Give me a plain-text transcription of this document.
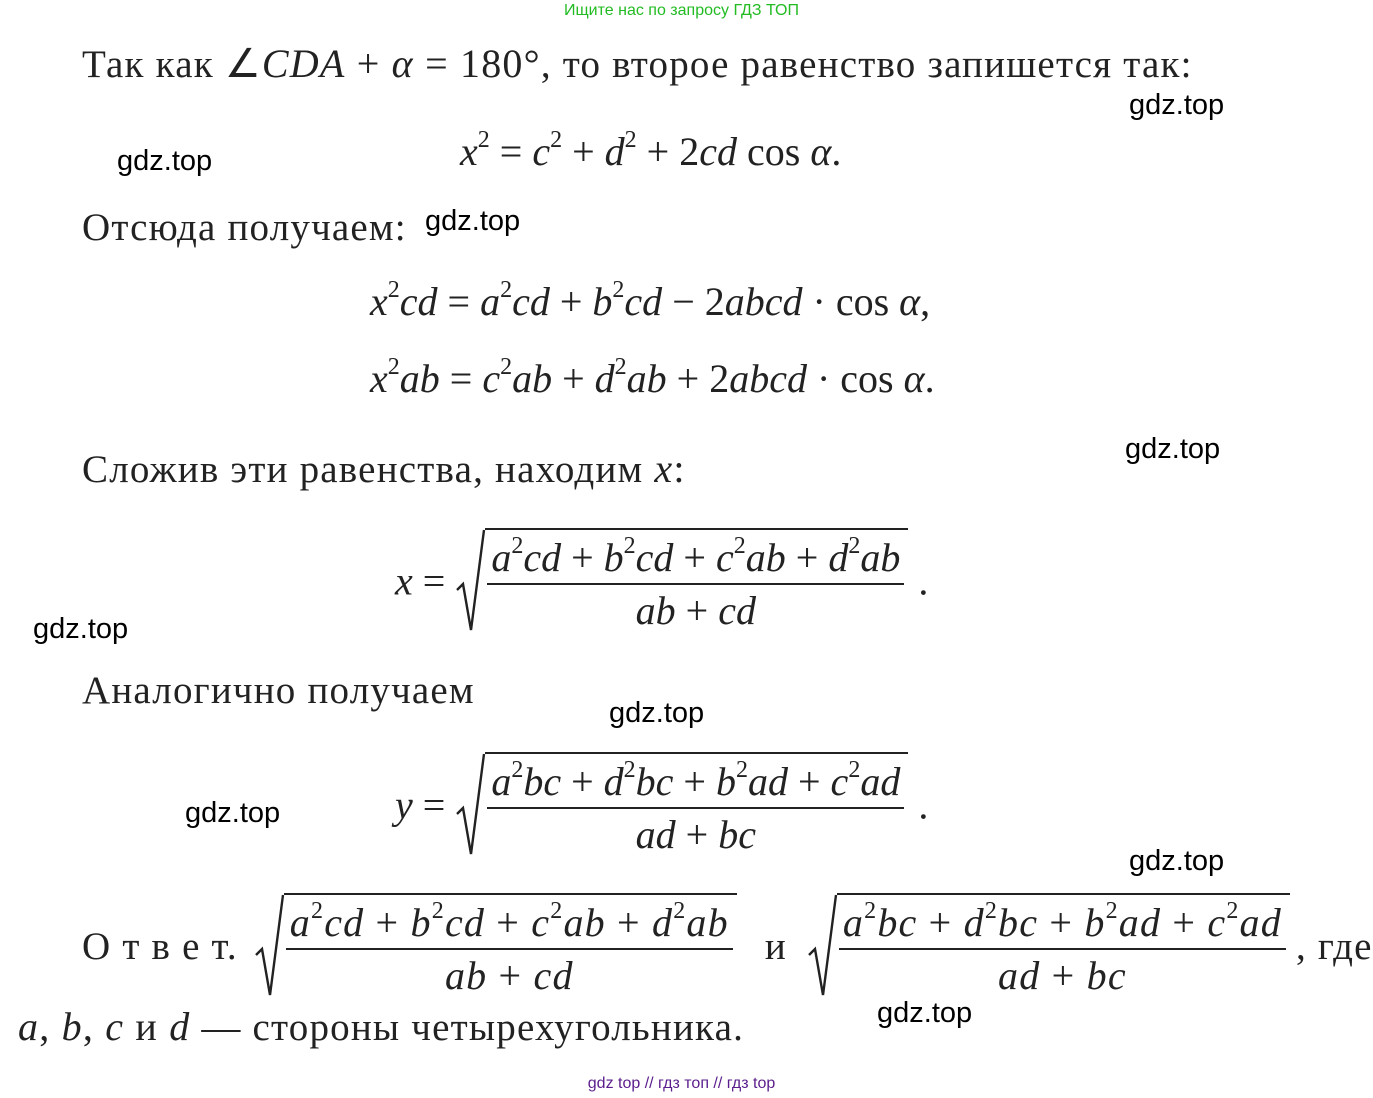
Ищите нас по запросу ГДЗ ТОП
Так как ∠CDA + α = 180°, то второе равенство запишется так:
$x^2 = c^2 + d^2 + 2cd$ cos α.
Отсюда получаем:
$x^2cd = a^2cd + b^2cd$ − 2abcd · cos α,
$x^2ab = c^2ab + d^2ab$ + 2abcd · cos α.
Сложив эти равенства, находим x:
$x = \frac{a^2cd + b^2cd + c^2ab + d^2ab}{ab + cd}$ .
Аналогично получаем
$y = \frac{a^2bc + d^2bc + b^2ad + c^2ad}{ad + bc}$ .
О т в е т. $\frac{a^2cd + b^2cd + c^2ab + d^2ab}{ab + cd}$ и $\frac{a^2bc + d^2bc + b^2ad + c^2ad}{ad + bc}$ , где
a, b, c и d — стороны четырехугольника.
gdz.top
gdz.top
gdz.top
gdz.top
gdz.top
gdz.top
gdz.top
gdz.top
gdz.top
gdz top // гдз топ // гдз top
